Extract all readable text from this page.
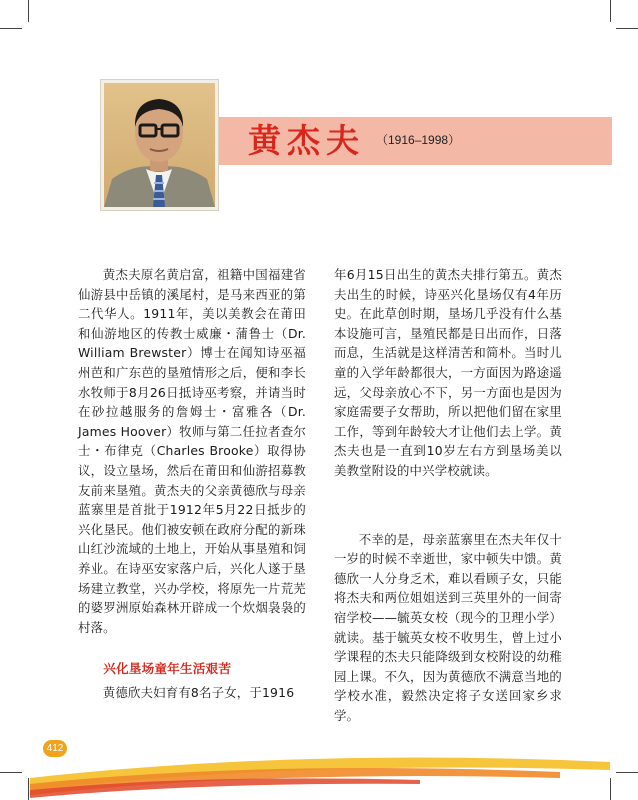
黄杰夫 （1916–1998）

黄杰夫原名黄启富，祖籍中国福建省仙游县中岳镇的溪尾村，是马来西亚的第二代华人。1911年，美以美教会在莆田和仙游地区的传教士威廉・蒲鲁士（Dr. William Brewster）博士在闻知诗巫福州芭和广东芭的垦殖情形之后，便和李长水牧师于8月26日抵诗巫考察，并请当时在砂拉越服务的詹姆士・富雅各（Dr. James Hoover）牧师与第二任拉者查尔士・布律克（Charles Brooke）取得协议，设立垦场，然后在莆田和仙游招募教友前来垦殖。黄杰夫的父亲黄德欣与母亲蓝寨里是首批于1912年5月22日抵步的兴化垦民。他们被安顿在政府分配的新珠山红沙流域的土地上，开始从事垦殖和饲养业。在诗巫安家落户后，兴化人遂于垦场建立教堂，兴办学校，将原先一片荒芜的婆罗洲原始森林开辟成一个炊烟袅袅的村落。

兴化垦场童年生活艰苦

黄德欣夫妇育有8名子女，于1916

年6月15日出生的黄杰夫排行第五。黄杰夫出生的时候，诗巫兴化垦场仅有4年历史。在此草创时期，垦场几乎没有什么基本设施可言，垦殖民都是日出而作，日落而息，生活就是这样清苦和简朴。当时儿童的入学年龄都很大，一方面因为路途遥远，父母亲放心不下，另一方面也是因为家庭需要子女帮助，所以把他们留在家里工作，等到年龄较大才让他们去上学。黄杰夫也是一直到10岁左右方到垦场美以美教堂附设的中兴学校就读。

不幸的是，母亲蓝寨里在杰夫年仅十一岁的时候不幸逝世，家中顿失中馈。黄德欣一人分身乏术，难以看顾子女，只能将杰夫和两位姐姐送到三英里外的一间寄宿学校——毓英女校（现今的卫理小学）就读。基于毓英女校不收男生，曾上过小学课程的杰夫只能降级到女校附设的幼稚园上课。不久，因为黄德欣不满意当地的学校水准，毅然决定将子女送回家乡求学。

412
